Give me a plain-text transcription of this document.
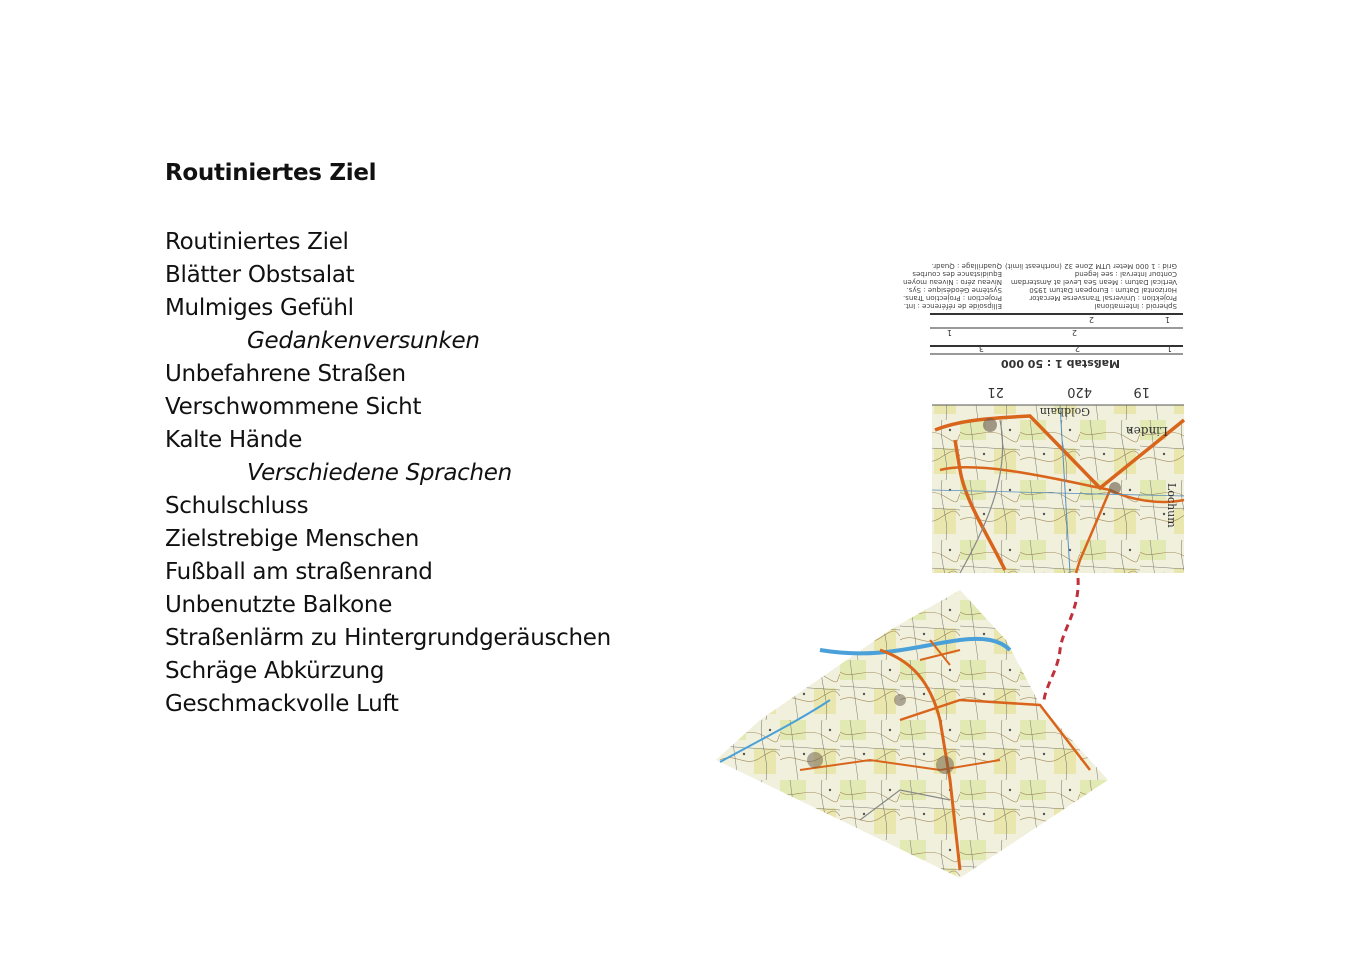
Routiniertes Ziel
Routiniertes Ziel
Blätter Obstsalat
Mulmiges Gefühl
Gedankenversunken
Unbefahrene Straßen
Verschwommene Sicht
Kalte Hände
Verschiedene Sprachen
Schulschluss
Zielstrebige Menschen
Fußball am straßenrand
Unbenutzte Balkone
Straßenlärm zu Hintergrundgeräuschen
Schräge Abkürzung
Geschmackvolle Luft
Spheroid : International
Projektion : Universal Transverse Mercator
Horizontal Datum : European Datum 1950
Vertical Datum : Mean Sea Level at Amsterdam
Contour Interval : see legend
Grid : 1 000 Meter UTM Zone 32 (northeast limit)
Ellipsoïde de référence : Int.
Projection : Projection Trans.
Système Géodésique : Sys.
Niveau zéro : Niveau moyen
Equidistance des courbes
Quadrillage : Quadr.
1
2
3
2	1
2
1
Maßstab 1 : 50 000
19
420
21
Linden
Goldhain
Lochum
